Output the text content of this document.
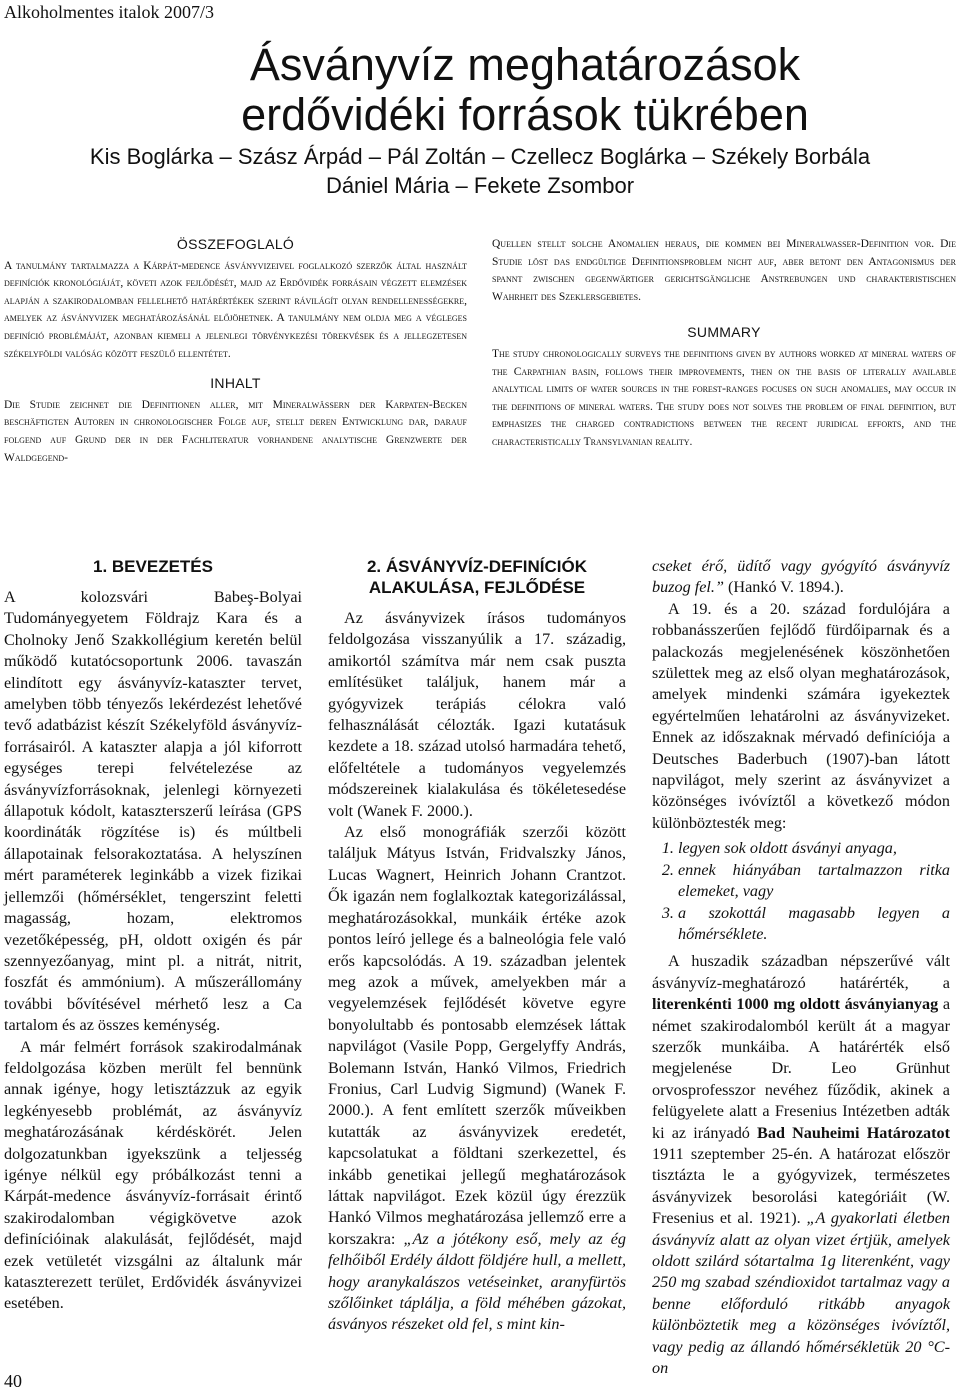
Alkoholmentes italok 2007/3
Ásványvíz meghatározások
erdővidéki források tükrében
Kis Boglárka – Szász Árpád – Pál Zoltán – Czellecz Boglárka – Székely Borbála
Dániel Mária – Fekete Zsombor
ÖSSZEFOGLALÓ

A tanulmány tartalmazza a Kárpát-medence ásványvizeivel foglalkozó szerzők által használt definíciók kronológiáját, követi azok fejlődését, majd az Erdővidék forrásain végzett elemzések alapján a szakirodalomban fellelhető határértékek szerint rávilágít olyan rendellenességekre, amelyek az ásványvizek meghatározásánál előjöhetnek. A tanulmány nem oldja meg a végleges definíció problémáját, azonban kiemeli a jelenlegi törvénykezési törekvések és a jellegzetesen székelyföldi valóság között feszülő ellentétet.

INHALT

Die Studie zeichnet die Definitionen aller, mit Mineralwässern der Karpaten-Becken beschäftigten Autoren in chronologischer Folge auf, stellt deren Entwicklung dar, darauf folgend auf Grund der in der Fachliteratur vorhandene analytische Grenzwerte der Waldgegend-

Quellen stellt solche Anomalien heraus, die kommen bei Mineralwasser-Definition vor. Die Studie löst das endgültige Definitionsproblem nicht auf, aber betont den Antagonismus der spannt zwischen gegenwärtiger gerichtsgängliche Anstrebungen und charakteristischen Wahrheit des Szeklersgebietes.

SUMMARY

The study chronologically surveys the definitions given by authors worked at mineral waters of the Carpathian basin, follows their improvements, then on the basis of literally available analytical limits of water sources in the forest-ranges focuses on such anomalies, may occur in the definitions of mineral waters. The study does not solves the problem of final definition, but emphasizes the charged contradictions between the recent juridical efforts, and the characteristically Transylvanian reality.

1. BEVEZETÉS

A kolozsvári Babeş-Bolyai Tudományegyetem Földrajz Kara és a Cholnoky Jenő Szakkollégium keretén belül működő kutatócsoportunk 2006. tavaszán elindított egy ásványvíz-kataszter tervet, amelyben több tényezős lekérdezést lehetővé tevő adatbázist készít Székelyföld ásványvíz-forrásairól. A kataszter alapja a jól kiforrott egységes terepi felvételezése az ásványvízforrásoknak, jelenlegi környezeti állapotuk kódolt, kataszterszerű leírása (GPS koordináták rögzítése is) és múltbeli állapotainak felsorakoztatása. A helyszínen mért paraméterek leginkább a vizek fizikai jellemzői (hőmérséklet, tengerszint feletti magasság, hozam, elektromos vezetőképesség, pH, oldott oxigén és pár szennyezőanyag, mint pl. a nitrát, nitrit, foszfát és ammónium). A műszerállomány további bővítésével mérhető lesz a Ca tartalom és az összes keménység.

A már felmért források szakirodalmának feldolgozása közben merült fel bennünk annak igénye, hogy letisztázzuk az egyik legkényesebb problémát, az ásványvíz meghatározásának kérdéskörét. Jelen dolgozatunkban igyekszünk a teljesség igénye nélkül egy próbálkozást tenni a Kárpát-medence ásványvíz-forrásait érintő szakirodalomban végigkövetve azok definícióinak alakulását, fejlődését, majd ezek vetületét vizsgálni az általunk már kataszterezett terület, Erdővidék ásványvizei esetében.

2. ÁSVÁNYVÍZ-DEFINÍCIÓK
ALAKULÁSA, FEJLŐDÉSE

Az ásványvizek írásos tudományos feldolgozása visszanyúlik a 17. századig, amikortól számítva már nem csak puszta említésüket találjuk, hanem már a gyógyvizek terápiás célokra való felhasználását célozták. Igazi kutatásuk kezdete a 18. század utolsó harmadára tehető, előfeltétele a tudományos vegyelemzés módszereinek kialakulása és tökéletesedése volt (Wanek F. 2000.).

Az első monográfiák szerzői között találjuk Mátyus István, Fridvalszky János, Lucas Wagnert, Heinrich Johann Crantzot. Ők igazán nem foglalkoztak kategorizálással, meghatározásokkal, munkáik értéke azok pontos leíró jellege és a balneológia fele való erős kapcsolódás. A 19. században jelentek meg azok a művek, amelyekben már a vegyelemzések fejlődését követve egyre bonyolultabb és pontosabb elemzések láttak napvilágot (Vasile Popp, Gergelyffy András, Bolemann István, Hankó Vilmos, Friedrich Fronius, Carl Ludvig Sigmund) (Wanek F. 2000.). A fent említett szerzők műveikben kutatták az ásványvizek eredetét, kapcsolatukat a földtani szerkezettel, és inkább genetikai jellegű meghatározások láttak napvilágot. Ezek közül úgy érezzük Hankó Vilmos meghatározása jellemző erre a korszakra: „Az a jótékony eső, mely az ég felhőiből Erdély áldott földjére hull, a mellett, hogy aranykalászos vetéseinket, aranyfürtös szőlőinket táplálja, a föld méhében gázokat, ásványos részeket old fel, s mint kin-

cseket érő, üdítő vagy gyógyító ásványvíz buzog fel.” (Hankó V. 1894.).

A 19. és a 20. század fordulójára a robbanásszerűen fejlődő fürdőiparnak és a palackozás megjelenésének köszönhetően születtek meg az első olyan meghatározások, amelyek mindenki számára igyekeztek egyértelműen lehatárolni az ásványvizeket. Ennek az időszaknak mérvadó definíciója a Deutsches Baderbuch (1907)-ban látott napvilágot, mely szerint az ásványvizet a közönséges ivóvíztől a következő módon különböztesték meg:

1. legyen sok oldott ásványi anyaga,
2. ennek hiányában tartalmazzon ritka elemeket, vagy
3. a szokottál magasabb legyen a hőmérséklete.

A huszadik században népszerűvé vált ásványvíz-meghatározó határérték, a literenkénti 1000 mg oldott ásványianyag a német szakirodalomból került át a magyar szerzők munkáiba. A határérték első megjelenése Dr. Leo Grünhut orvosprofesszor nevéhez fűződik, akinek a felügyelete alatt a Fresenius Intézetben adták ki az irányadó Bad Nauheimi Határozatot 1911 szeptember 25-én. A határozat először tisztázta le a gyógyvizek, természetes ásványvizek besorolási kategóriáit (W. Fresenius et al. 1921). „A gyakorlati életben ásványvíz alatt az olyan vizet értjük, amelyek oldott szilárd sótartalma 1g literenként, vagy 250 mg szabad széndioxidot tartalmaz vagy a benne előforduló ritkább anyagok különböztetik meg a közönséges ivóvíztől, vagy pedig az állandó hőmérsékletük 20 °C-on

40
